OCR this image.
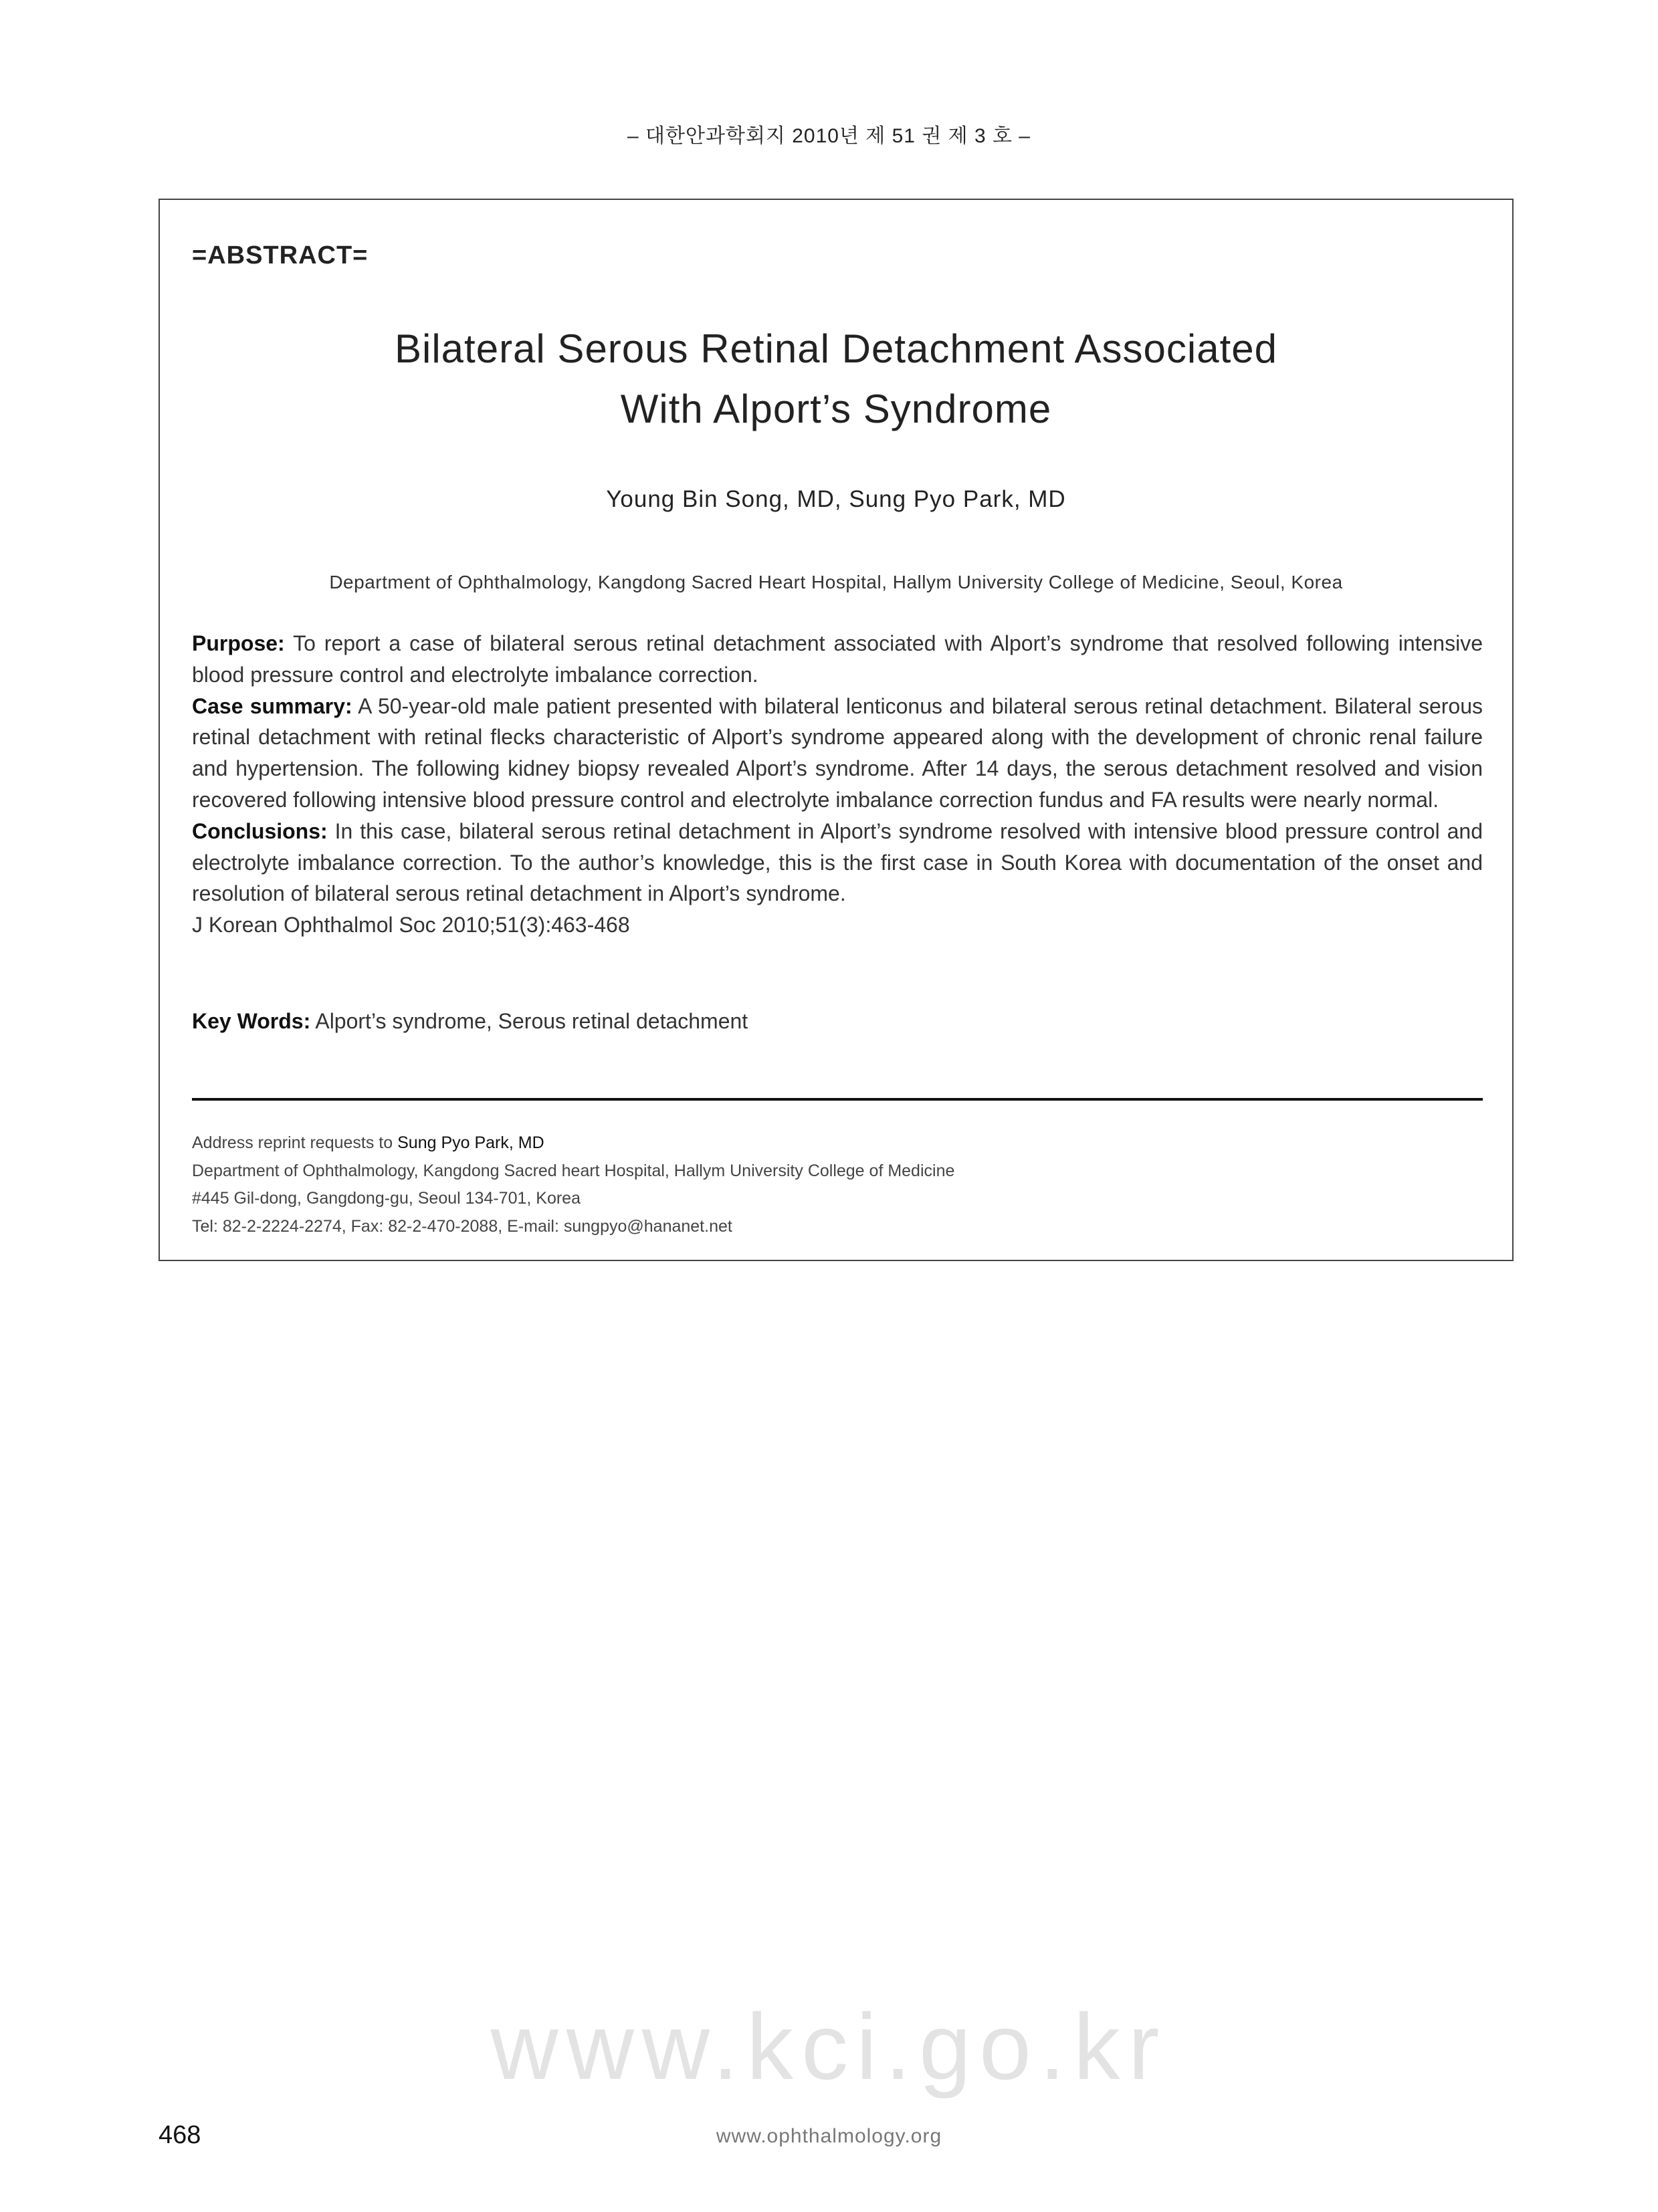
– 대한안과학회지 2010년 제 51 권 제 3 호 –
=ABSTRACT=
Bilateral Serous Retinal Detachment Associated
With Alport’s Syndrome
Young Bin Song, MD, Sung Pyo Park, MD
Department of Ophthalmology, Kangdong Sacred Heart Hospital, Hallym University College of Medicine, Seoul, Korea

Purpose: To report a case of bilateral serous retinal detachment associated with Alport’s syndrome that resolved following intensive blood pressure control and electrolyte imbalance correction.

Case summary: A 50-year-old male patient presented with bilateral lenticonus and bilateral serous retinal detachment. Bilateral serous retinal detachment with retinal flecks characteristic of Alport’s syndrome appeared along with the development of chronic renal failure and hypertension. The following kidney biopsy revealed Alport’s syndrome. After 14 days, the serous detachment resolved and vision recovered following intensive blood pressure control and electrolyte imbalance correction fundus and FA results were nearly normal.

Conclusions: In this case, bilateral serous retinal detachment in Alport’s syndrome resolved with intensive blood pressure control and electrolyte imbalance correction. To the author’s knowledge, this is the first case in South Korea with documentation of the onset and resolution of bilateral serous retinal detachment in Alport’s syndrome.

J Korean Ophthalmol Soc 2010;51(3):463-468

Key Words: Alport’s syndrome, Serous retinal detachment
Address reprint requests to Sung Pyo Park, MD
Department of Ophthalmology, Kangdong Sacred heart Hospital, Hallym University College of Medicine
#445 Gil-dong, Gangdong-gu, Seoul 134-701, Korea
Tel: 82-2-2224-2274, Fax: 82-2-470-2088, E-mail: sungpyo@hananet.net
www.kci.go.kr
468	www.ophthalmology.org
